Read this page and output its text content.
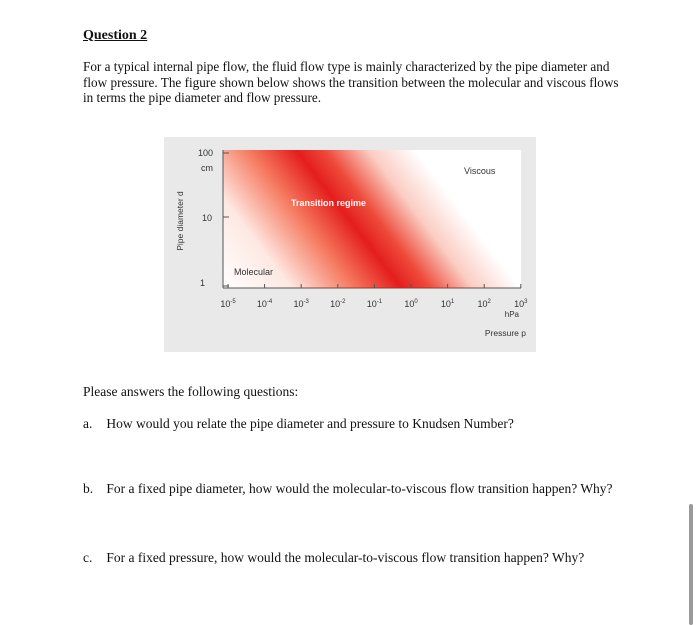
Question 2
For a typical internal pipe flow, the fluid flow type is mainly characterized by the pipe diameter and flow pressure. The figure shown below shows the transition between the molecular and viscous flows in terms the pipe diameter and flow pressure.
100
cm
10
1
Pipe diameter d
$10^{-5}$ $10^{-4}$ $10^{-3}$ $10^{-2}$ $10^{-1}$ $10^0$	$10^1$	$10^2$	$10^3$
hPa
Pressure p
Molecular
Transition regime
Viscous
Please answers the following questions:
a. How would you relate the pipe diameter and pressure to Knudsen Number?
b. For a fixed pipe diameter, how would the molecular-to-viscous flow transition happen? Why?
c. For a fixed pressure, how would the molecular-to-viscous flow transition happen? Why?
